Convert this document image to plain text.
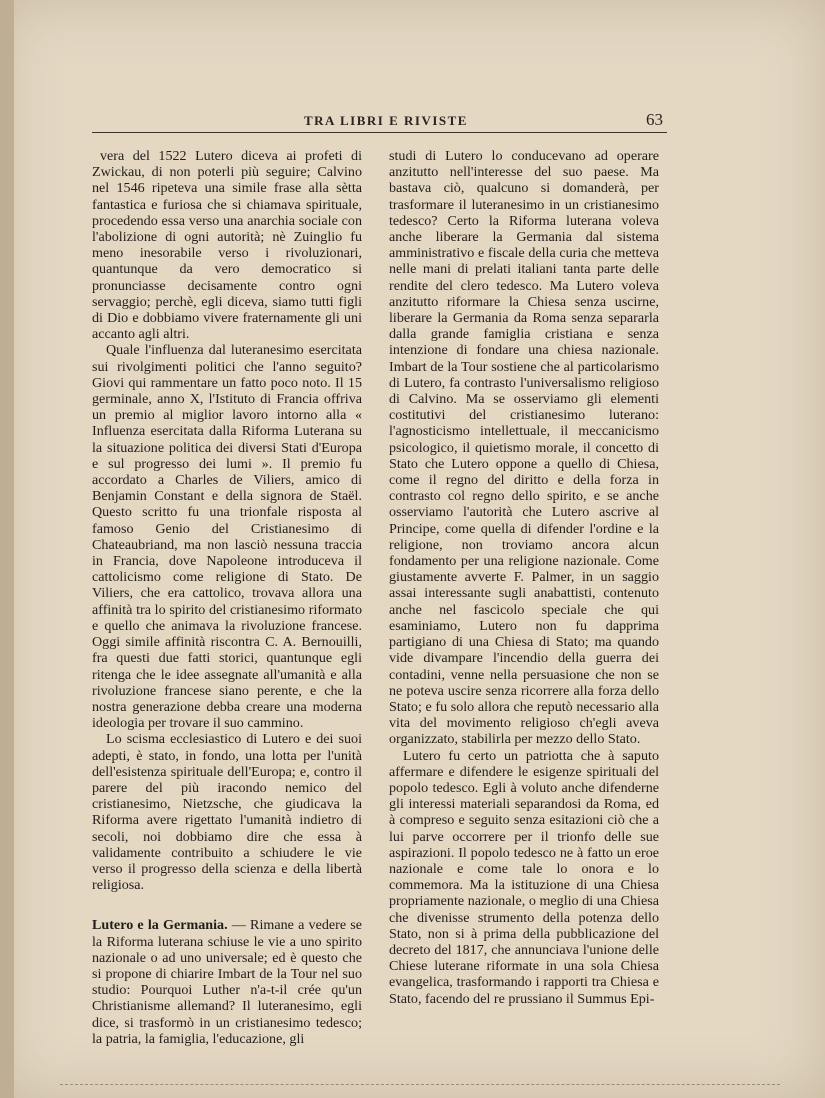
TRA LIBRI E RIVISTE	63

vera del 1522 Lutero diceva ai profeti di Zwickau, di non poterli più seguire; Calvino nel 1546 ripeteva una simile frase alla sètta fantastica e furiosa che si chiamava spirituale, procedendo essa verso una anarchia sociale con l'abolizione di ogni autorità; nè Zuinglio fu meno inesorabile verso i rivoluzionari, quantunque da vero democratico si pronunciasse decisamente contro ogni servaggio; perchè, egli diceva, siamo tutti figli di Dio e dobbiamo vivere fraternamente gli uni accanto agli altri.

Quale l'influenza dal luteranesimo esercitata sui rivolgimenti politici che l'anno seguito? Giovi qui rammentare un fatto poco noto. Il 15 germinale, anno X, l'Istituto di Francia offriva un premio al miglior lavoro intorno alla « Influenza esercitata dalla Riforma Luterana su la situazione politica dei diversi Stati d'Europa e sul progresso dei lumi ». Il premio fu accordato a Charles de Viliers, amico di Benjamin Constant e della signora de Staël. Questo scritto fu una trionfale risposta al famoso Genio del Cristianesimo di Chateaubriand, ma non lasciò nessuna traccia in Francia, dove Napoleone introduceva il cattolicismo come religione di Stato. De Viliers, che era cattolico, trovava allora una affinità tra lo spirito del cristianesimo riformato e quello che animava la rivoluzione francese. Oggi simile affinità riscontra C. A. Bernouilli, fra questi due fatti storici, quantunque egli ritenga che le idee assegnate all'umanità e alla rivoluzione francese siano perente, e che la nostra generazione debba creare una moderna ideologia per trovare il suo cammino.

Lo scisma ecclesiastico di Lutero e dei suoi adepti, è stato, in fondo, una lotta per l'unità dell'esistenza spirituale dell'Europa; e, contro il parere del più iracondo nemico del cristianesimo, Nietzsche, che giudicava la Riforma avere rigettato l'umanità indietro di secoli, noi dobbiamo dire che essa à validamente contribuito a schiudere le vie verso il progresso della scienza e della libertà religiosa.

Lutero e la Germania. — Rimane a vedere se la Riforma luterana schiuse le vie a uno spirito nazionale o ad uno universale; ed è questo che si propone di chiarire Imbart de la Tour nel suo studio: Pourquoi Luther n'a-t-il crée qu'un Christianisme allemand? Il luteranesimo, egli dice, si trasformò in un cristianesimo tedesco; la patria, la famiglia, l'educazione, gli

studi di Lutero lo conducevano ad operare anzitutto nell'interesse del suo paese. Ma bastava ciò, qualcuno si domanderà, per trasformare il luteranesimo in un cristianesimo tedesco? Certo la Riforma luterana voleva anche liberare la Germania dal sistema amministrativo e fiscale della curia che metteva nelle mani di prelati italiani tanta parte delle rendite del clero tedesco. Ma Lutero voleva anzitutto riformare la Chiesa senza uscirne, liberare la Germania da Roma senza separarla dalla grande famiglia cristiana e senza intenzione di fondare una chiesa nazionale. Imbart de la Tour sostiene che al particolarismo di Lutero, fa contrasto l'universalismo religioso di Calvino. Ma se osserviamo gli elementi costitutivi del cristianesimo luterano: l'agnosticismo intellettuale, il meccanicismo psicologico, il quietismo morale, il concetto di Stato che Lutero oppone a quello di Chiesa, come il regno del diritto e della forza in contrasto col regno dello spirito, e se anche osserviamo l'autorità che Lutero ascrive al Principe, come quella di difender l'ordine e la religione, non troviamo ancora alcun fondamento per una religione nazionale. Come giustamente avverte F. Palmer, in un saggio assai interessante sugli anabattisti, contenuto anche nel fascicolo speciale che qui esaminiamo, Lutero non fu dapprima partigiano di una Chiesa di Stato; ma quando vide divampare l'incendio della guerra dei contadini, venne nella persuasione che non se ne poteva uscire senza ricorrere alla forza dello Stato; e fu solo allora che reputò necessario alla vita del movimento religioso ch'egli aveva organizzato, stabilirla per mezzo dello Stato.

Lutero fu certo un patriotta che à saputo affermare e difendere le esigenze spirituali del popolo tedesco. Egli à voluto anche difenderne gli interessi materiali separandosi da Roma, ed à compreso e seguito senza esitazioni ciò che a lui parve occorrere per il trionfo delle sue aspirazioni. Il popolo tedesco ne à fatto un eroe nazionale e come tale lo onora e lo commemora. Ma la istituzione di una Chiesa propriamente nazionale, o meglio di una Chiesa che divenisse strumento della potenza dello Stato, non si à prima della pubblicazione del decreto del 1817, che annunciava l'unione delle Chiese luterane riformate in una sola Chiesa evangelica, trasformando i rapporti tra Chiesa e Stato, facendo del re prussiano il Summus Epi-
